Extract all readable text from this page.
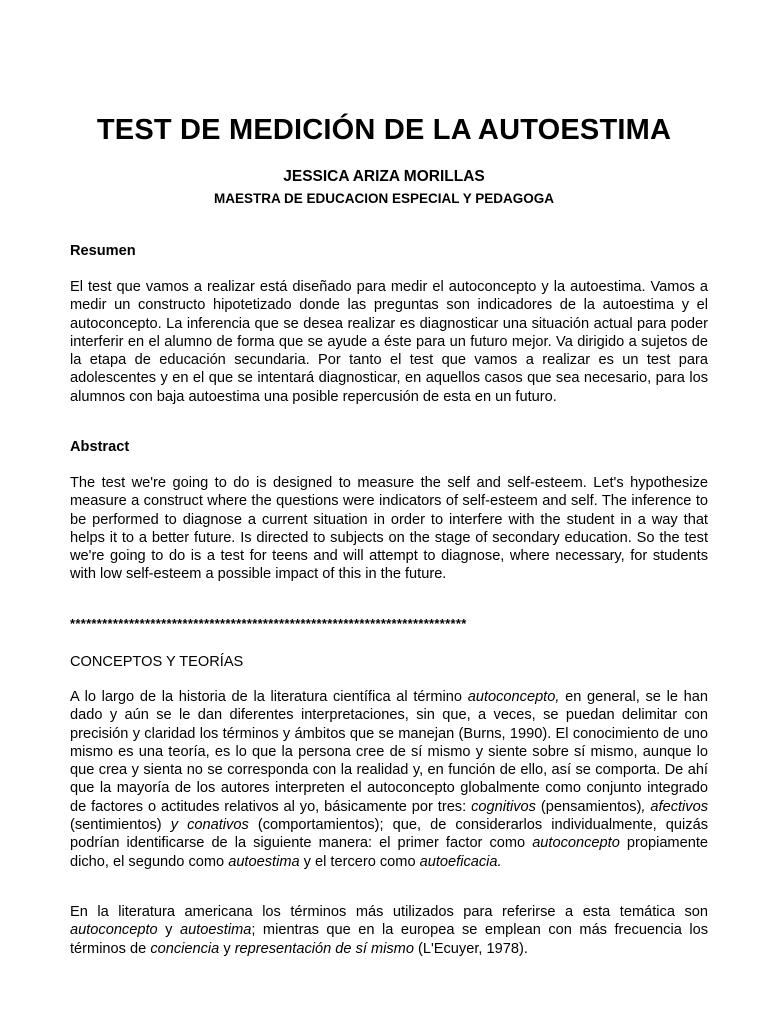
TEST DE MEDICIÓN DE LA AUTOESTIMA
JESSICA ARIZA MORILLAS
MAESTRA DE EDUCACION ESPECIAL Y PEDAGOGA
Resumen
El test que vamos a realizar está diseñado para medir el autoconcepto y la autoestima. Vamos a medir un constructo hipotetizado donde las preguntas son indicadores de la autoestima y el autoconcepto. La inferencia que se desea realizar es diagnosticar una situación actual para poder interferir en el alumno de forma que se ayude a éste para un futuro mejor. Va dirigido a sujetos de la etapa de educación secundaria. Por tanto el test que vamos a realizar es un test para adolescentes y en el que se intentará diagnosticar, en aquellos casos que sea necesario, para los alumnos con baja autoestima una posible repercusión de esta en un futuro.
Abstract
The test we're going to do is designed to measure the self and self-esteem. Let's hypothesize measure a construct where the questions were indicators of self-esteem and self. The inference to be performed to diagnose a current situation in order to interfere with the student in a way that helps it to a better future. Is directed to subjects on the stage of secondary education. So the test we're going to do is a test for teens and will attempt to diagnose, where necessary, for students with low self-esteem a possible impact of this in the future.
**************************************************************************
CONCEPTOS Y TEORÍAS
A lo largo de la historia de la literatura científica al término autoconcepto, en general, se le han dado y aún se le dan diferentes interpretaciones, sin que, a veces, se puedan delimitar con precisión y claridad los términos y ámbitos que se manejan (Burns, 1990). El conocimiento de uno mismo es una teoría, es lo que la persona cree de sí mismo y siente sobre sí mismo, aunque lo que crea y sienta no se corresponda con la realidad y, en función de ello, así se comporta. De ahí que la mayoría de los autores interpreten el autoconcepto globalmente como conjunto integrado de factores o actitudes relativos al yo, básicamente por tres: cognitivos (pensamientos), afectivos (sentimientos) y conativos (comportamientos); que, de considerarlos individualmente, quizás podrían identificarse de la siguiente manera: el primer factor como autoconcepto propiamente dicho, el segundo como autoestima y el tercero como autoeficacia.
En la literatura americana los términos más utilizados para referirse a esta temática son autoconcepto y autoestima; mientras que en la europea se emplean con más frecuencia los términos de conciencia y representación de sí mismo (L'Ecuyer, 1978).
